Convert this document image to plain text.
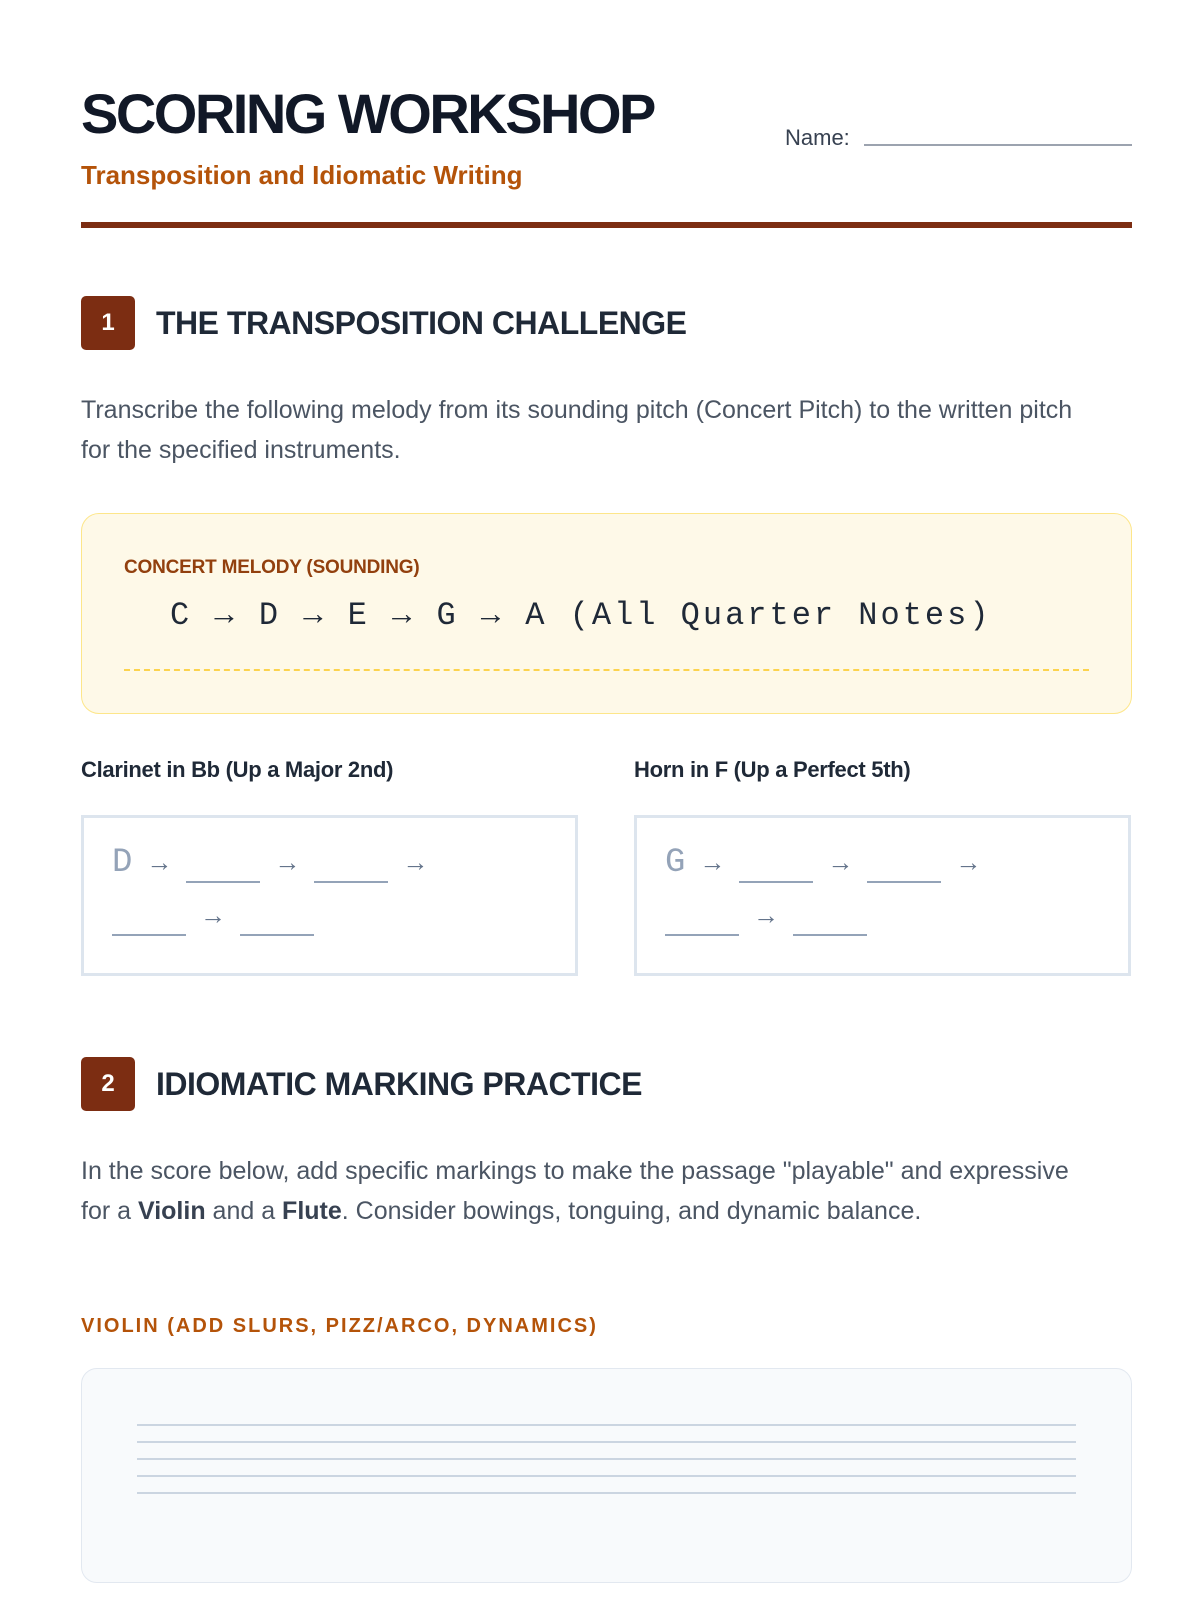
SCORING WORKSHOP
Transposition and Idiomatic Writing
Name:
1	THE TRANSPOSITION CHALLENGE

Transcribe the following melody from its sounding pitch (Concert Pitch) to the written pitch for the specified instruments.

CONCERT MELODY (SOUNDING)
C → D → E → G → A (All Quarter Notes)
Clarinet in Bb (Up a Major 2nd)
D →	→	→
→
Horn in F (Up a Perfect 5th)
G →	→	→
→
2	IDIOMATIC MARKING PRACTICE

In the score below, add specific markings to make the passage "playable" and expressive for a Violin and a Flute. Consider bowings, tonguing, and dynamic balance.

VIOLIN (ADD SLURS, PIZZ/ARCO, DYNAMICS)
